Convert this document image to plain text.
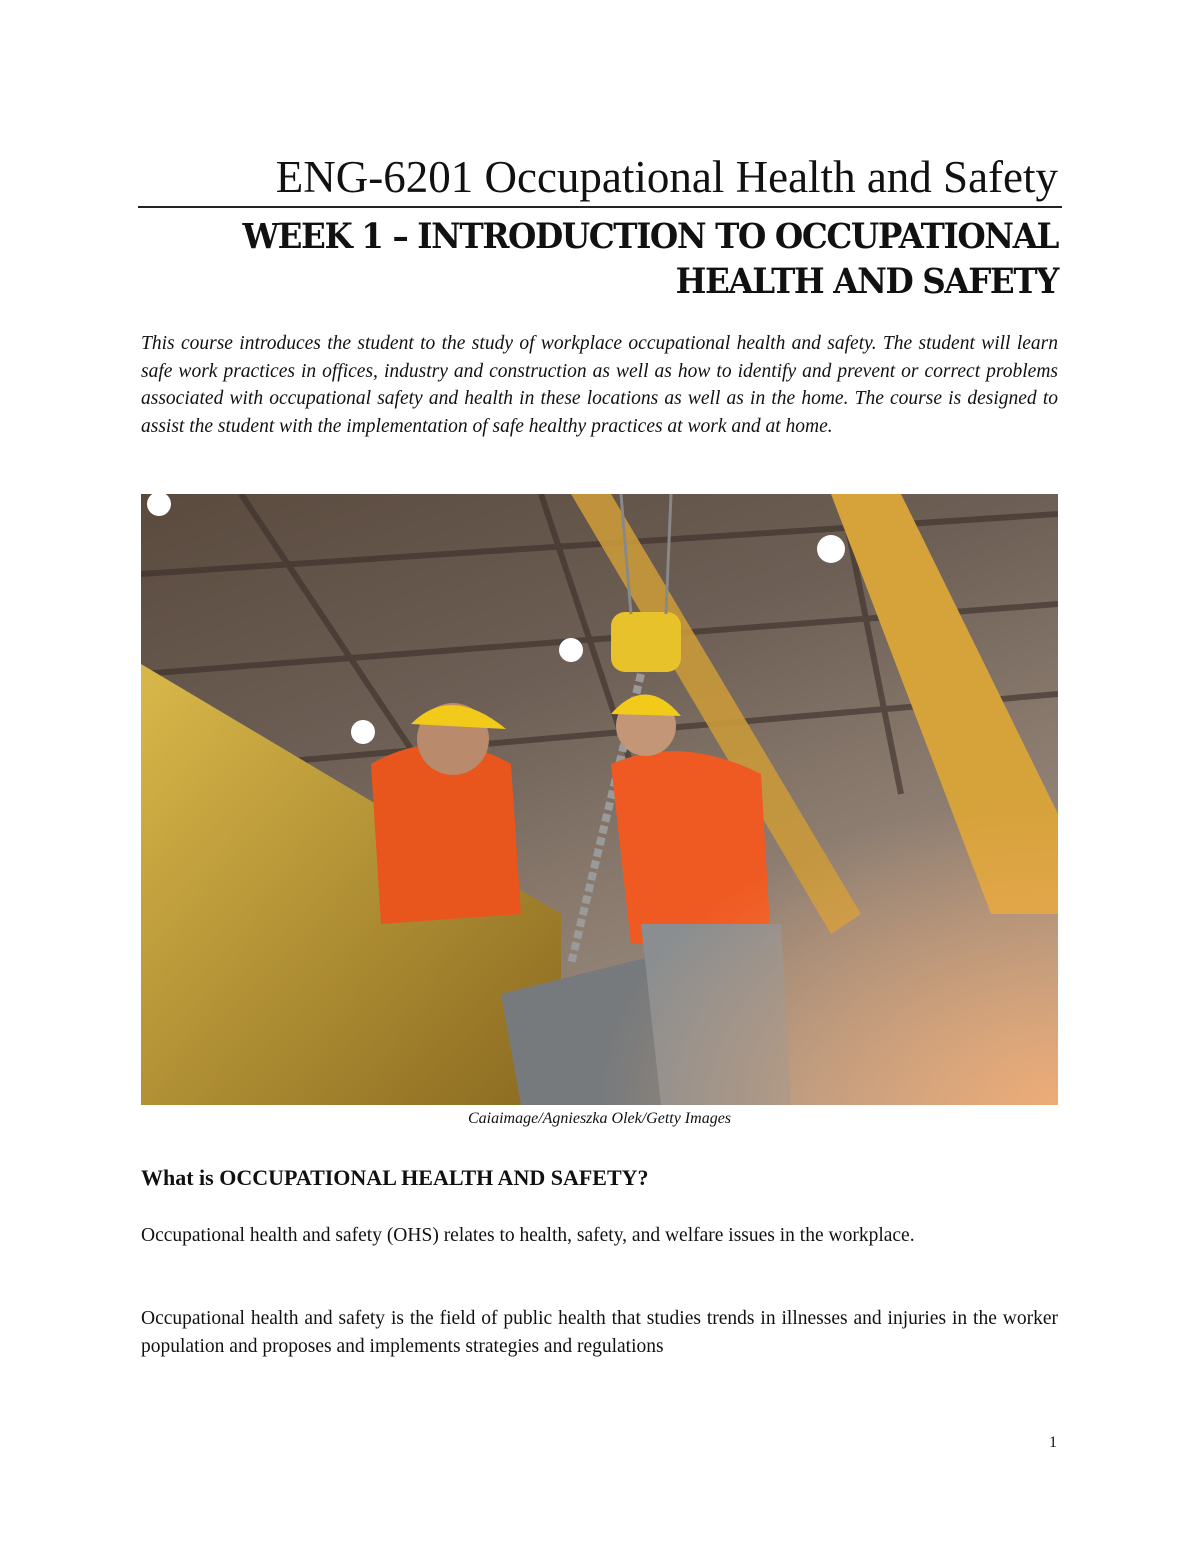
ENG-6201 Occupational Health and Safety
WEEK 1 – INTRODUCTION TO OCCUPATIONAL
HEALTH AND SAFETY
This course introduces the student to the study of workplace occupational health and safety. The student will learn safe work practices in offices, industry and construction as well as how to identify and prevent or correct problems associated with occupational safety and health in these locations as well as in the home. The course is designed to assist the student with the implementation of safe healthy practices at work and at home.
Caiaimage/Agnieszka Olek/Getty Images
What is OCCUPATIONAL HEALTH AND SAFETY?
Occupational health and safety (OHS) relates to health, safety, and welfare issues in the workplace.
Occupational health and safety is the field of public health that studies trends in illnesses and injuries in the worker population and proposes and implements strategies and regulations
1
